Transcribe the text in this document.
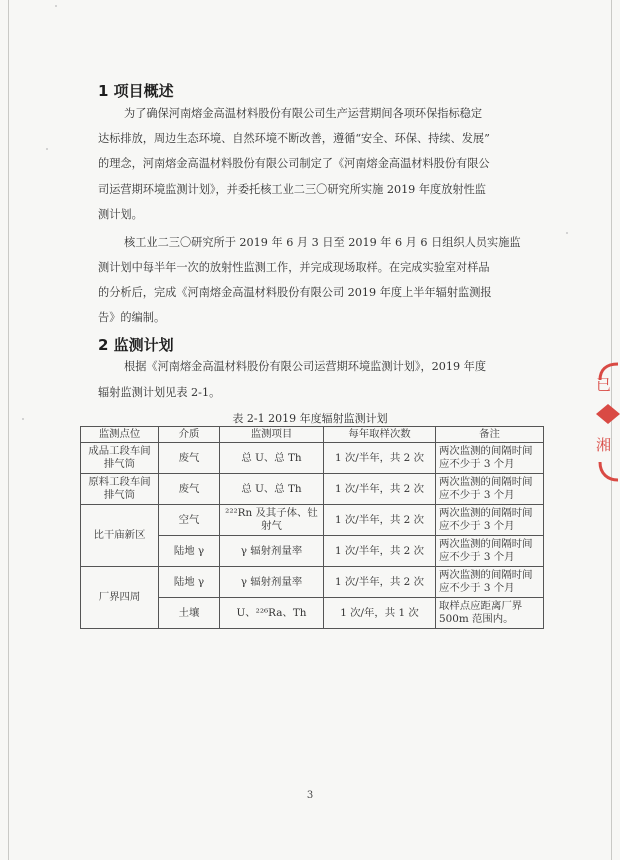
1 项目概述
为了确保河南熔金高温材料股份有限公司生产运营期间各项环保指标稳定
达标排放，周边生态环境、自然环境不断改善，遵循“安全、环保、持续、发展”
的理念，河南熔金高温材料股份有限公司制定了《河南熔金高温材料股份有限公
司运营期环境监测计划》，并委托核工业二三〇研究所实施 2019 年度放射性监
测计划。
核工业二三〇研究所于 2019 年 6 月 3 日至 2019 年 6 月 6 日组织人员实施监
测计划中每半年一次的放射性监测工作，并完成现场取样。在完成实验室对样品
的分析后，完成《河南熔金高温材料股份有限公司 2019 年度上半年辐射监测报
告》的编制。
2 监测计划
根据《河南熔金高温材料股份有限公司运营期环境监测计划》，2019 年度
辐射监测计划见表 2-1。
表 2-1 2019 年度辐射监测计划
监测点位	介质	监测项目	每年取样次数	备注
成品工段车间排气筒	废气	总 U、总 Th	1 次/半年，共 2 次	两次监测的间隔时间应不少于 3 个月
原料工段车间排气筒	废气	总 U、总 Th	1 次/半年，共 2 次	两次监测的间隔时间应不少于 3 个月
比干庙新区	空气	²²²Rn 及其子体、钍射气	1 次/半年，共 2 次	两次监测的间隔时间应不少于 3 个月
	陆地 γ	γ 辐射剂量率	1 次/半年，共 2 次	两次监测的间隔时间应不少于 3 个月
厂界四周	陆地 γ	γ 辐射剂量率	1 次/半年，共 2 次	两次监测的间隔时间应不少于 3 个月
	土壤	U、²²⁶Ra、Th	1 次/年，共 1 次	取样点应距离厂界 500m 范围内。
3
已
湘
